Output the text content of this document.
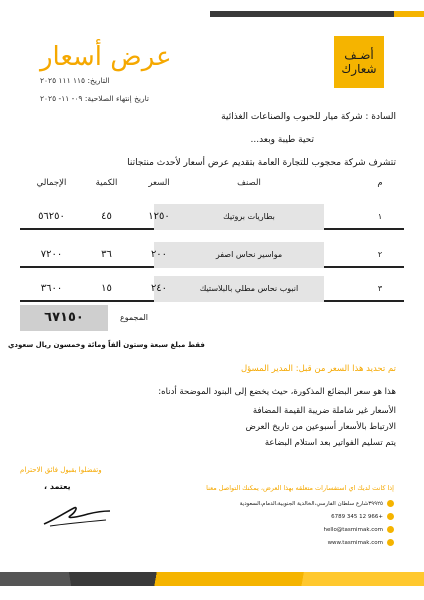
أضـف
شعارك
عرض أسعار
التاريخ: ١١٥ ١١١ ٢٠٢٥
تاريخ إنتهاء الصلاحية: ٠٩- ١١- ٢٠٢٥
السادة : شركة ميار للحبوب والصناعات الغذائية
تحية طيبة وبعد...
تتشرف شركة محجوب للتجارة العامة بتقديم عرض أسعار لأحدث منتجاتنا
م
الصنف
السعر
الكمية
الإجمالي
١
بطاريات بروتيك
١٢٥٠
٤٥
٥٦٢٥٠
٢
مواسير نحاس اصفر
٢٠٠
٣٦
٧٢٠٠
٣
انبوب نحاس مطلي بالبلاستيك
٢٤٠
١٥
٣٦٠٠
المجموع
٦٧١٥٠
فقط مبلغ سبعة وستون ألفاً ومائة وخمسون ريال سعودي
تم تحديد هذا السعر من قبل: المدير المسؤل
هذا هو سعر البضائع المذكورة، حيث يخضع إلى البنود الموضحة أدناه:
الأسعار غير شاملة ضريبة القيمة المضافة
الارتباط بالأسعار أسبوعين من تاريخ العرض
يتم تسليم الفواتير بعد استلام البضاعة
وتفضلوا بقبول فائق الاحترام
يعتمد ،	إذا كانت لديك اي استفسارات متعلقه بهذا العرض، يمكنك التواصل معنا
٣٩٩٢٥شارع سلطان الفارسي،الخالدية الجنوبية،الدمام،السعودية
+966 12 345 6789
hello@tasmimak.com
www.tasmimak.com
